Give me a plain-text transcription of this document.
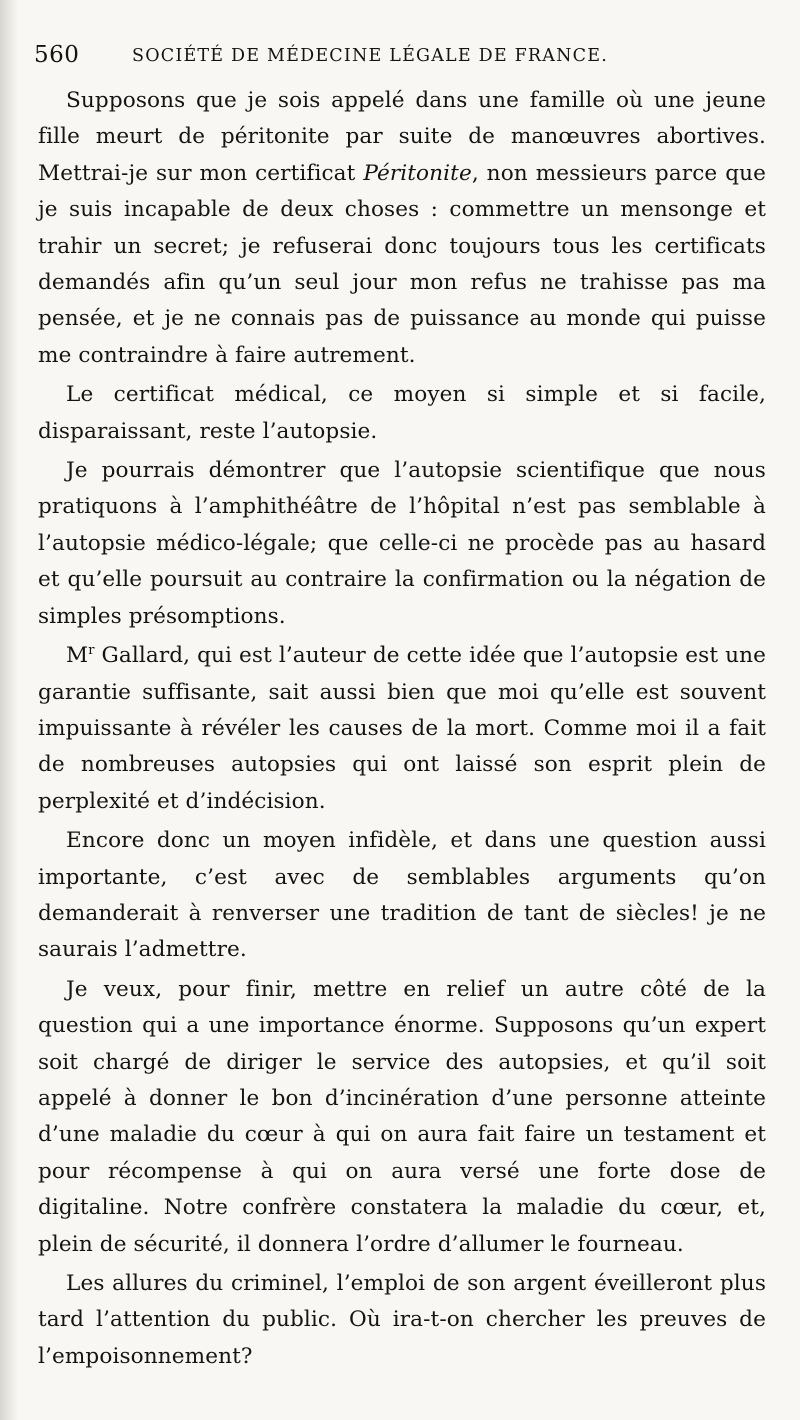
560	SOCIÉTÉ DE MÉDECINE LÉGALE DE FRANCE.

Supposons que je sois appelé dans une famille où une jeune fille meurt de péritonite par suite de manœuvres abortives. Mettrai-je sur mon certificat Péritonite, non messieurs parce que je suis incapable de deux choses : commettre un mensonge et trahir un secret; je refuserai donc toujours tous les certificats demandés afin qu’un seul jour mon refus ne trahisse pas ma pensée, et je ne connais pas de puissance au monde qui puisse me contraindre à faire autrement.

Le certificat médical, ce moyen si simple et si facile, disparaissant, reste l’autopsie.

Je pourrais démontrer que l’autopsie scientifique que nous pratiquons à l’amphithéâtre de l’hôpital n’est pas semblable à l’autopsie médico-légale; que celle-ci ne procède pas au hasard et qu’elle poursuit au contraire la confirmation ou la négation de simples présomptions.

$M^r$ Gallard, qui est l’auteur de cette idée que l’autopsie est une garantie suffisante, sait aussi bien que moi qu’elle est souvent impuissante à révéler les causes de la mort. Comme moi il a fait de nombreuses autopsies qui ont laissé son esprit plein de perplexité et d’indécision.

Encore donc un moyen infidèle, et dans une question aussi importante, c’est avec de semblables arguments qu’on demanderait à renverser une tradition de tant de siècles! je ne saurais l’admettre.

Je veux, pour finir, mettre en relief un autre côté de la question qui a une importance énorme. Supposons qu’un expert soit chargé de diriger le service des autopsies, et qu’il soit appelé à donner le bon d’incinération d’une personne atteinte d’une maladie du cœur à qui on aura fait faire un testament et pour récompense à qui on aura versé une forte dose de digitaline. Notre confrère constatera la maladie du cœur, et, plein de sécurité, il donnera l’ordre d’allumer le fourneau.

Les allures du criminel, l’emploi de son argent éveilleront plus tard l’attention du public. Où ira-t-on chercher les preuves de l’empoisonnement?
